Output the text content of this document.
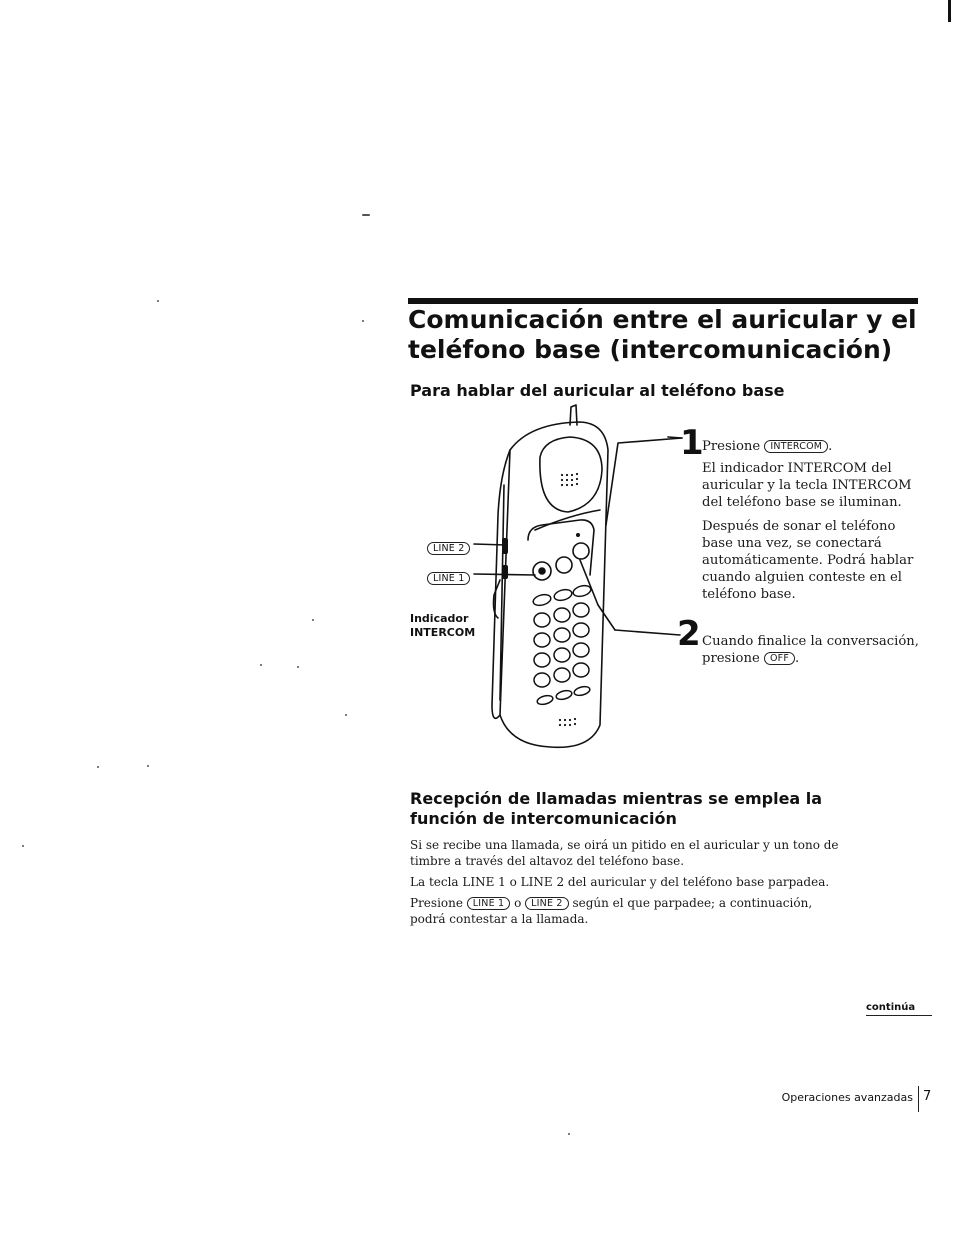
Comunicación entre el auricular y el
teléfono base (intercomunicación)
Para hablar del auricular al teléfono base
LINE 2
LINE 1
Indicador
INTERCOM
1
Presione INTERCOM .
El indicador INTERCOM del
auricular y la tecla INTERCOM
del teléfono base se iluminan.
Después de sonar el teléfono
base una vez, se conectará
automáticamente. Podrá hablar
cuando alguien conteste en el
teléfono base.
2 Cuando finalice la conversación,
presione OFF .
Recepción de llamadas mientras se emplea la
función de intercomunicación
Si se recibe una llamada, se oirá un pitido en el auricular y un tono de
timbre a través del altavoz del teléfono base.
La tecla LINE 1 o LINE 2 del auricular y del teléfono base parpadea.
Presione LINE 1 o LINE 2 según el que parpadee; a continuación,
podrá contestar a la llamada.
continúa
Operaciones avanzadas 7
